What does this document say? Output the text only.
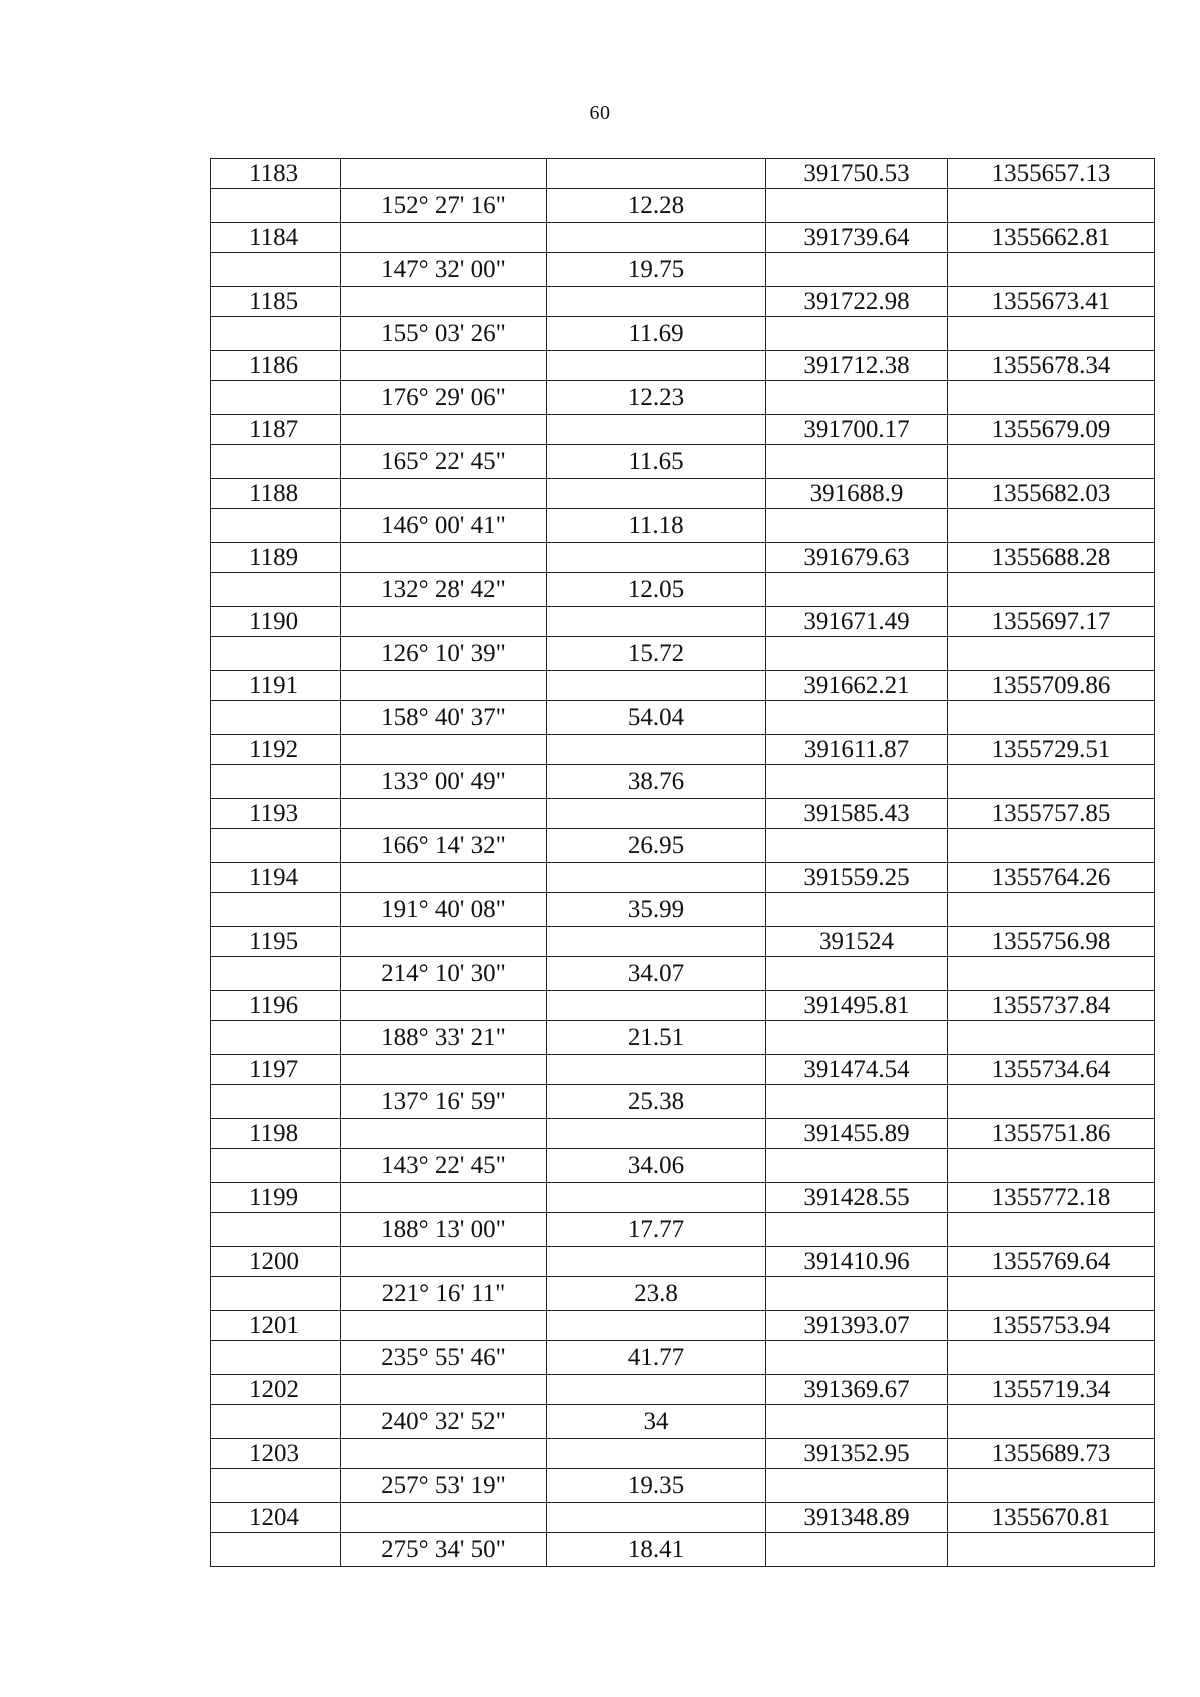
60
1183			391750.53	1355657.13
	152° 27' 16"	12.28		
1184			391739.64	1355662.81
	147° 32' 00"	19.75		
1185			391722.98	1355673.41
	155° 03' 26"	11.69		
1186			391712.38	1355678.34
	176° 29' 06"	12.23		
1187			391700.17	1355679.09
	165° 22' 45"	11.65		
1188			391688.9	1355682.03
	146° 00' 41"	11.18		
1189			391679.63	1355688.28
	132° 28' 42"	12.05		
1190			391671.49	1355697.17
	126° 10' 39"	15.72		
1191			391662.21	1355709.86
	158° 40' 37"	54.04		
1192			391611.87	1355729.51
	133° 00' 49"	38.76		
1193			391585.43	1355757.85
	166° 14' 32"	26.95		
1194			391559.25	1355764.26
	191° 40' 08"	35.99		
1195			391524	1355756.98
	214° 10' 30"	34.07		
1196			391495.81	1355737.84
	188° 33' 21"	21.51		
1197			391474.54	1355734.64
	137° 16' 59"	25.38		
1198			391455.89	1355751.86
	143° 22' 45"	34.06		
1199			391428.55	1355772.18
	188° 13' 00"	17.77		
1200			391410.96	1355769.64
	221° 16' 11"	23.8		
1201			391393.07	1355753.94
	235° 55' 46"	41.77		
1202			391369.67	1355719.34
	240° 32' 52"	34		
1203			391352.95	1355689.73
	257° 53' 19"	19.35		
1204			391348.89	1355670.81
	275° 34' 50"	18.41		
